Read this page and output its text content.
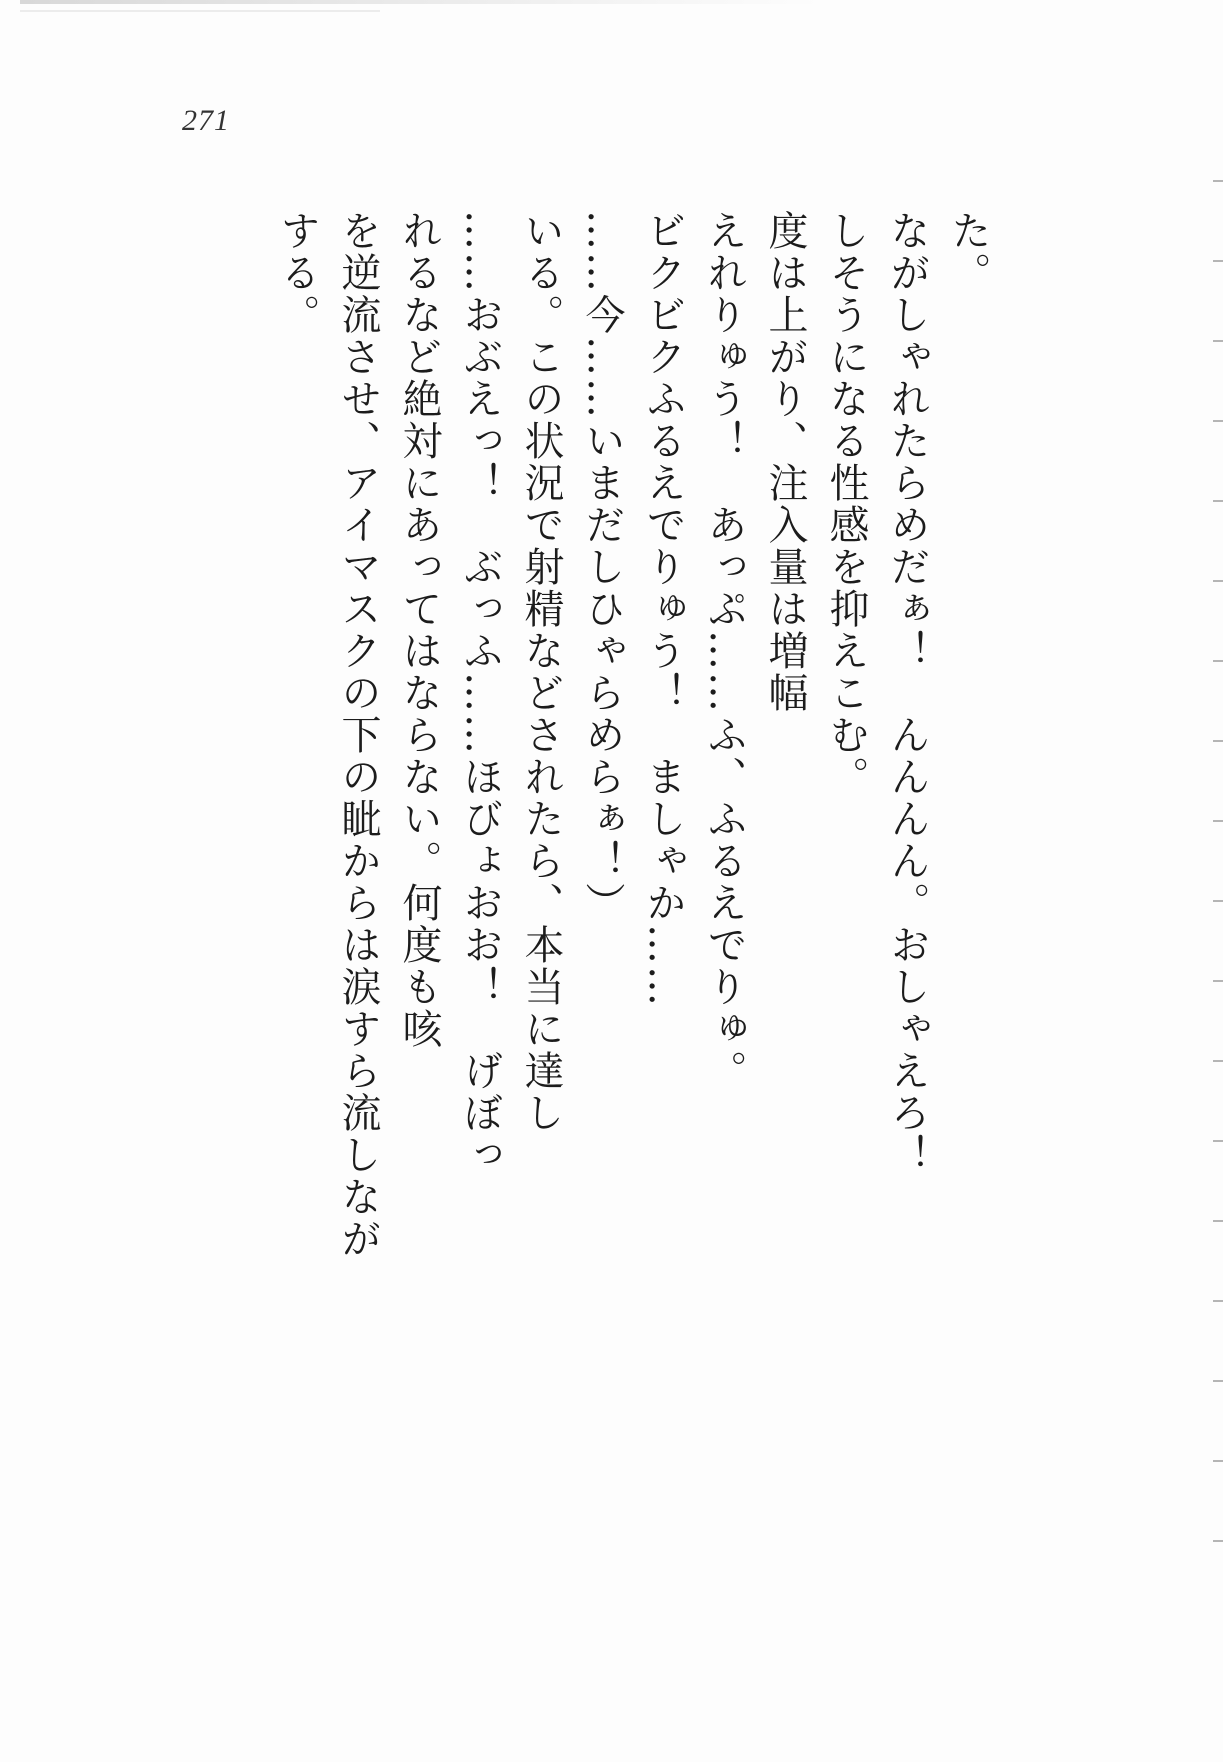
271
た。
ながしゃれたらめだぁ！　んんんん。おしゃえろ！
しそうになる性感を抑えこむ。
度は上がり、注入量は増幅
えれりゅう！　あっぷ……ふ、ふるえでりゅ。
ビクビクふるえでりゅう！　ましゃか……
……今……いまだしひゃらめらぁ！）
いる。この状況で射精などされたら、本当に達し
……おぶえっ！　ぶっふ……ほびょおお！　げぼっ
れるなど絶対にあってはならない。何度も咳
を逆流させ、アイマスクの下の眦からは涙すら流しなが
する。
